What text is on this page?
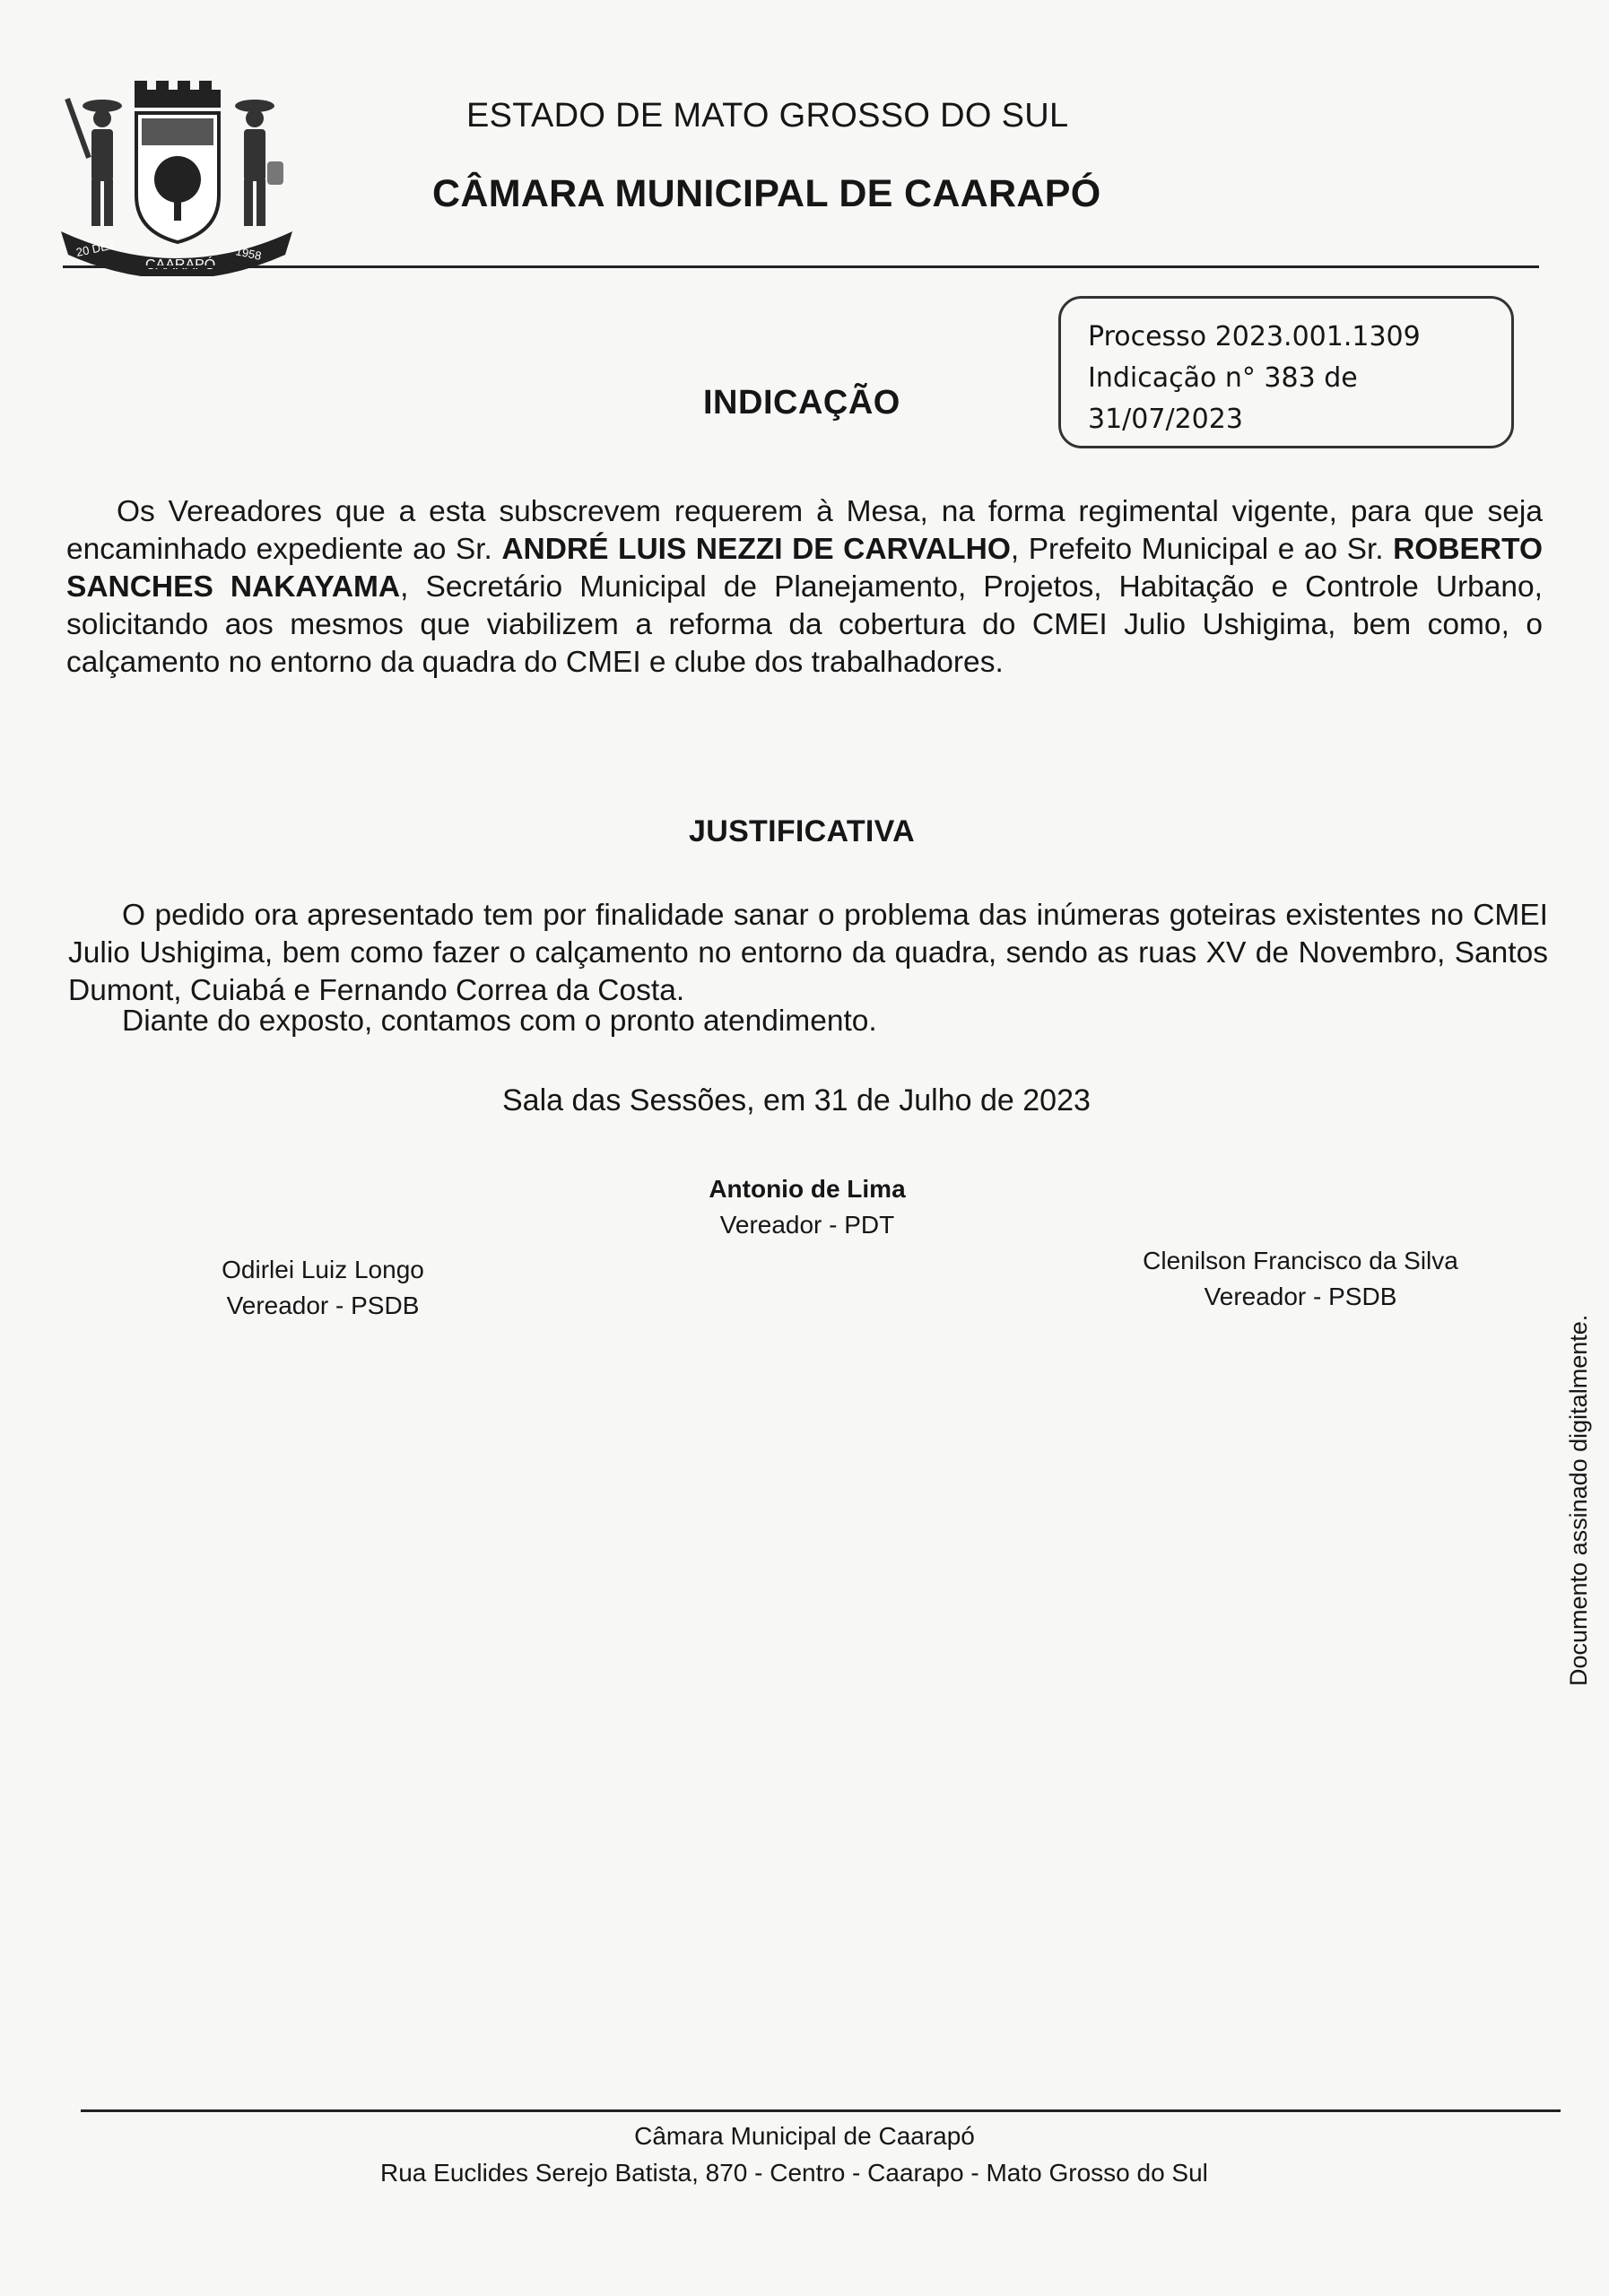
20 DEZ	1958
ESTADO DE MATO GROSSO DO SUL
CÂMARA MUNICIPAL DE CAARAPÓ
Processo 2023.001.1309
Indicação n° 383 de
31/07/2023
INDICAÇÃO
Os Vereadores que a esta subscrevem requerem à Mesa, na forma regimental vigente, para que seja encaminhado expediente ao Sr. ANDRÉ LUIS NEZZI DE CARVALHO, Prefeito Municipal e ao Sr. ROBERTO SANCHES NAKAYAMA, Secretário Municipal de Planejamento, Projetos, Habitação e Controle Urbano, solicitando aos mesmos que viabilizem a reforma da cobertura do CMEI Julio Ushigima, bem como, o calçamento no entorno da quadra do CMEI e clube dos trabalhadores.
JUSTIFICATIVA
O pedido ora apresentado tem por finalidade sanar o problema das inúmeras goteiras existentes no CMEI Julio Ushigima, bem como fazer o calçamento no entorno da quadra, sendo as ruas XV de Novembro, Santos Dumont, Cuiabá e Fernando Correa da Costa.
Diante do exposto, contamos com o pronto atendimento.
Sala das Sessões, em 31 de Julho de 2023
Antonio de Lima
Vereador - PDT
Odirlei Luiz Longo
Vereador - PSDB
Clenilson Francisco da Silva
Vereador - PSDB
Documento assinado digitalmente.
Câmara Municipal de Caarapó
Rua Euclides Serejo Batista, 870 - Centro - Caarapo - Mato Grosso do Sul
